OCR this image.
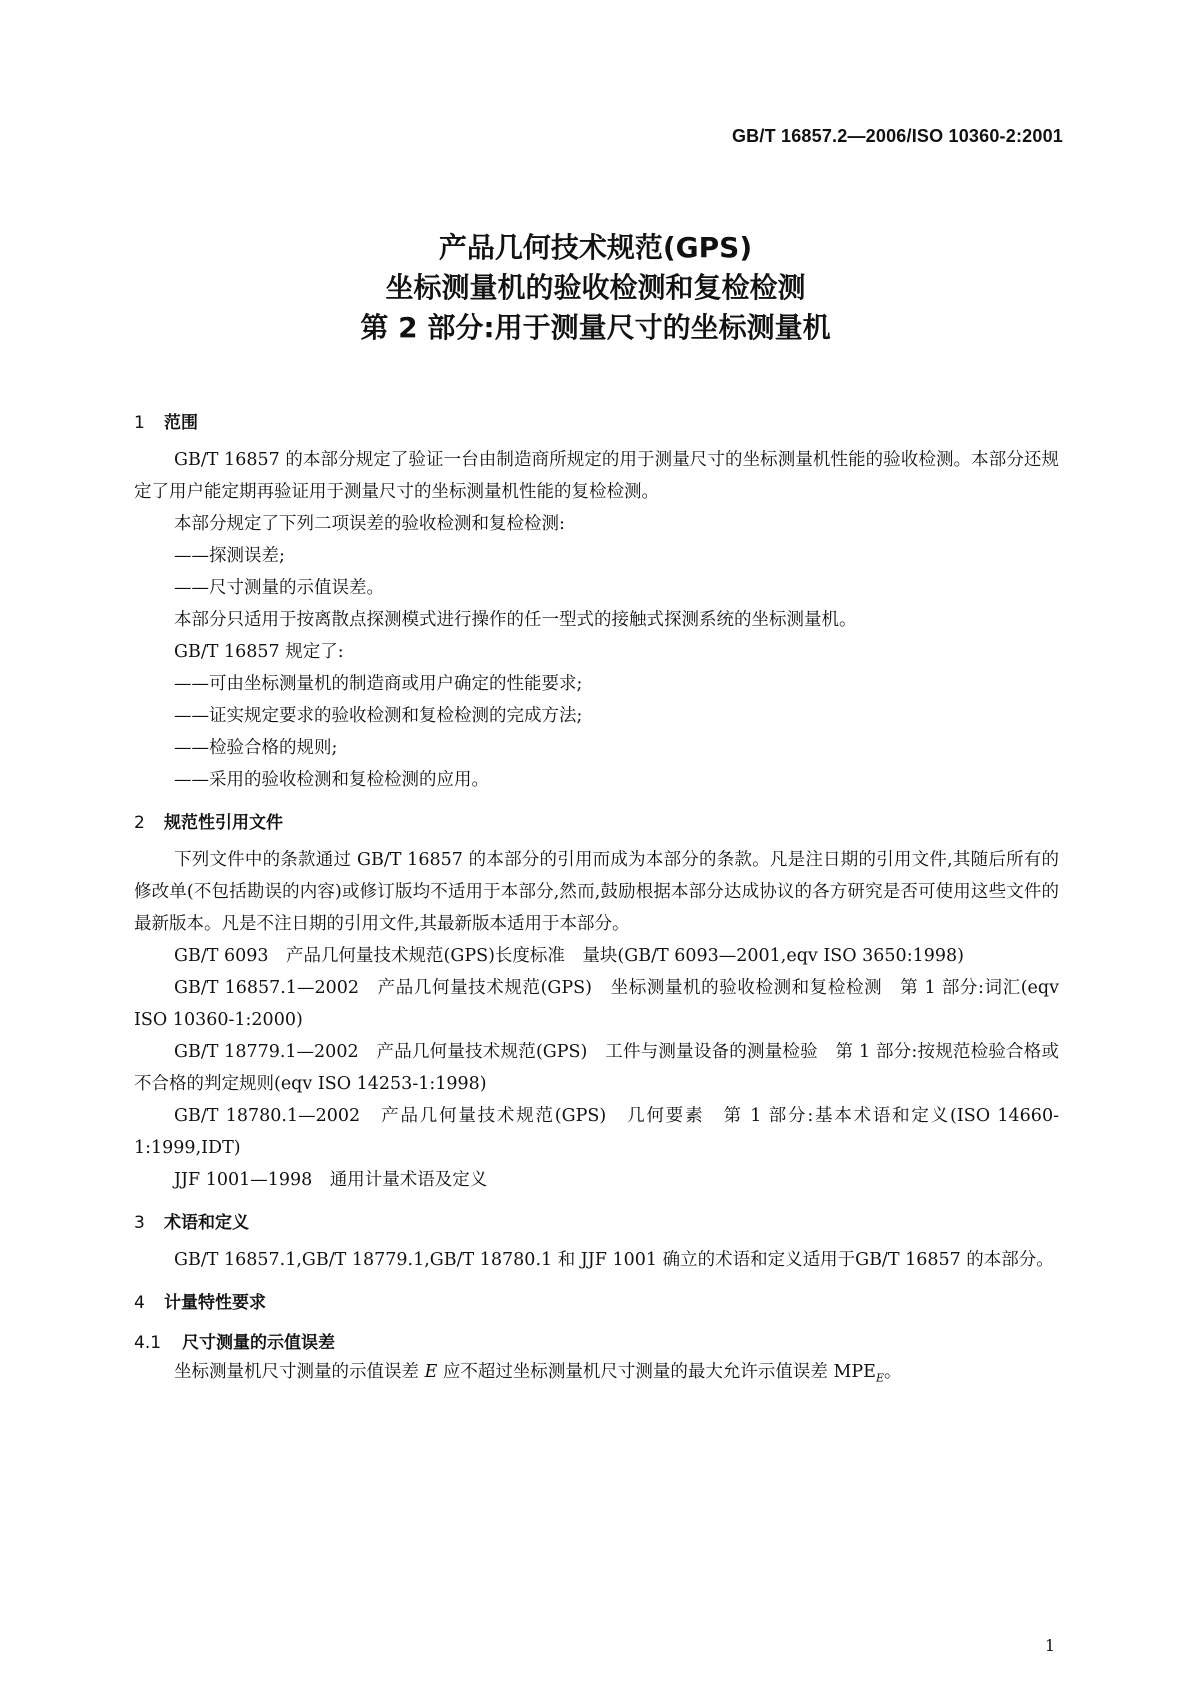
GB/T 16857.2—2006/ISO 10360-2:2001
产品几何技术规范(GPS)
坐标测量机的验收检测和复检检测
第 2 部分:用于测量尺寸的坐标测量机
1 范围
GB/T 16857 的本部分规定了验证一台由制造商所规定的用于测量尺寸的坐标测量机性能的验收检测。本部分还规定了用户能定期再验证用于测量尺寸的坐标测量机性能的复检检测。
本部分规定了下列二项误差的验收检测和复检检测:
——探测误差;
——尺寸测量的示值误差。
本部分只适用于按离散点探测模式进行操作的任一型式的接触式探测系统的坐标测量机。
GB/T 16857 规定了:
——可由坐标测量机的制造商或用户确定的性能要求;
——证实规定要求的验收检测和复检检测的完成方法;
——检验合格的规则;
——采用的验收检测和复检检测的应用。
2 规范性引用文件
下列文件中的条款通过 GB/T 16857 的本部分的引用而成为本部分的条款。凡是注日期的引用文件,其随后所有的修改单(不包括勘误的内容)或修订版均不适用于本部分,然而,鼓励根据本部分达成协议的各方研究是否可使用这些文件的最新版本。凡是不注日期的引用文件,其最新版本适用于本部分。
GB/T 6093　产品几何量技术规范(GPS)长度标准　量块(GB/T 6093—2001,eqv ISO 3650:1998)
GB/T 16857.1—2002　产品几何量技术规范(GPS)　坐标测量机的验收检测和复检检测　第 1 部分:词汇(eqv ISO 10360-1:2000)
GB/T 18779.1—2002　产品几何量技术规范(GPS)　工件与测量设备的测量检验　第 1 部分:按规范检验合格或不合格的判定规则(eqv ISO 14253-1:1998)
GB/T 18780.1—2002　产品几何量技术规范(GPS)　几何要素　第 1 部分:基本术语和定义(ISO 14660-1:1999,IDT)
JJF 1001—1998　通用计量术语及定义
3 术语和定义
GB/T 16857.1,GB/T 18779.1,GB/T 18780.1 和 JJF 1001 确立的术语和定义适用于GB/T 16857 的本部分。
4 计量特性要求
4.1 尺寸测量的示值误差
坐标测量机尺寸测量的示值误差 E 应不超过坐标测量机尺寸测量的最大允许示值误差 $MPE_E$。
1
